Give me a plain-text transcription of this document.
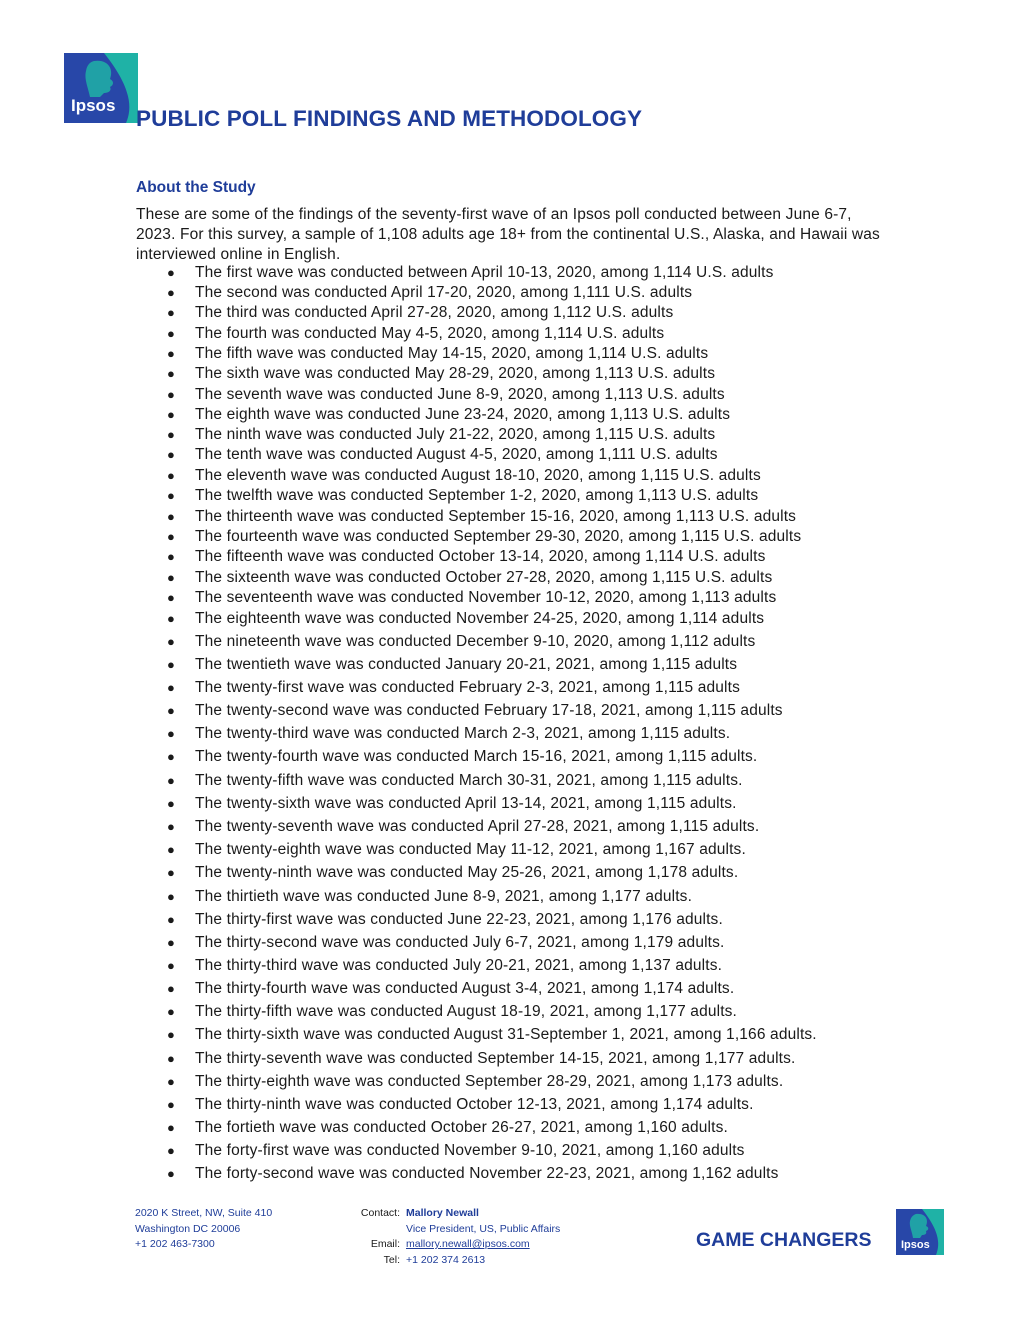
Ipsos
PUBLIC POLL FINDINGS AND METHODOLOGY
About the Study

These are some of the findings of the seventy-first wave of an Ipsos poll conducted between June 6-7, 2023. For this survey, a sample of 1,108 adults age 18+ from the continental U.S., Alaska, and Hawaii was interviewed online in English.

● The first wave was conducted between April 10-13, 2020, among 1,114 U.S. adults
● The second was conducted April 17-20, 2020, among 1,111 U.S. adults
● The third was conducted April 27-28, 2020, among 1,112 U.S. adults
● The fourth was conducted May 4-5, 2020, among 1,114 U.S. adults
● The fifth wave was conducted May 14-15, 2020, among 1,114 U.S. adults
● The sixth wave was conducted May 28-29, 2020, among 1,113 U.S. adults
● The seventh wave was conducted June 8-9, 2020, among 1,113 U.S. adults
● The eighth wave was conducted June 23-24, 2020, among 1,113 U.S. adults
● The ninth wave was conducted July 21-22, 2020, among 1,115 U.S. adults
● The tenth wave was conducted August 4-5, 2020, among 1,111 U.S. adults
● The eleventh wave was conducted August 18-10, 2020, among 1,115 U.S. adults
● The twelfth wave was conducted September 1-2, 2020, among 1,113 U.S. adults
● The thirteenth wave was conducted September 15-16, 2020, among 1,113 U.S. adults
● The fourteenth wave was conducted September 29-30, 2020, among 1,115 U.S. adults
● The fifteenth wave was conducted October 13-14, 2020, among 1,114 U.S. adults
● The sixteenth wave was conducted October 27-28, 2020, among 1,115 U.S. adults
● The seventeenth wave was conducted November 10-12, 2020, among 1,113 adults
● The eighteenth wave was conducted November 24-25, 2020, among 1,114 adults
● The nineteenth wave was conducted December 9-10, 2020, among 1,112 adults
● The twentieth wave was conducted January 20-21, 2021, among 1,115 adults
● The twenty-first wave was conducted February 2-3, 2021, among 1,115 adults
● The twenty-second wave was conducted February 17-18, 2021, among 1,115 adults
● The twenty-third wave was conducted March 2-3, 2021, among 1,115 adults.
● The twenty-fourth wave was conducted March 15-16, 2021, among 1,115 adults.
● The twenty-fifth wave was conducted March 30-31, 2021, among 1,115 adults.
● The twenty-sixth wave was conducted April 13-14, 2021, among 1,115 adults.
● The twenty-seventh wave was conducted April 27-28, 2021, among 1,115 adults.
● The twenty-eighth wave was conducted May 11-12, 2021, among 1,167 adults.
● The twenty-ninth wave was conducted May 25-26, 2021, among 1,178 adults.
● The thirtieth wave was conducted June 8-9, 2021, among 1,177 adults.
● The thirty-first wave was conducted June 22-23, 2021, among 1,176 adults.
● The thirty-second wave was conducted July 6-7, 2021, among 1,179 adults.
● The thirty-third wave was conducted July 20-21, 2021, among 1,137 adults.
● The thirty-fourth wave was conducted August 3-4, 2021, among 1,174 adults.
● The thirty-fifth wave was conducted August 18-19, 2021, among 1,177 adults.
● The thirty-sixth wave was conducted August 31-September 1, 2021, among 1,166 adults.
● The thirty-seventh wave was conducted September 14-15, 2021, among 1,177 adults.
● The thirty-eighth wave was conducted September 28-29, 2021, among 1,173 adults.
● The thirty-ninth wave was conducted October 12-13, 2021, among 1,174 adults.
● The fortieth wave was conducted October 26-27, 2021, among 1,160 adults.
● The forty-first wave was conducted November 9-10, 2021, among 1,160 adults
● The forty-second wave was conducted November 22-23, 2021, among 1,162 adults
2020 K Street, NW, Suite 410
Washington DC 20006
+1 202 463-7300
Contact:

Email:
Tel:
Mallory Newall
Vice President, US, Public Affairs
mallory.newall@ipsos.com
+1 202 374 2613
GAME CHANGERS	Ipsos
